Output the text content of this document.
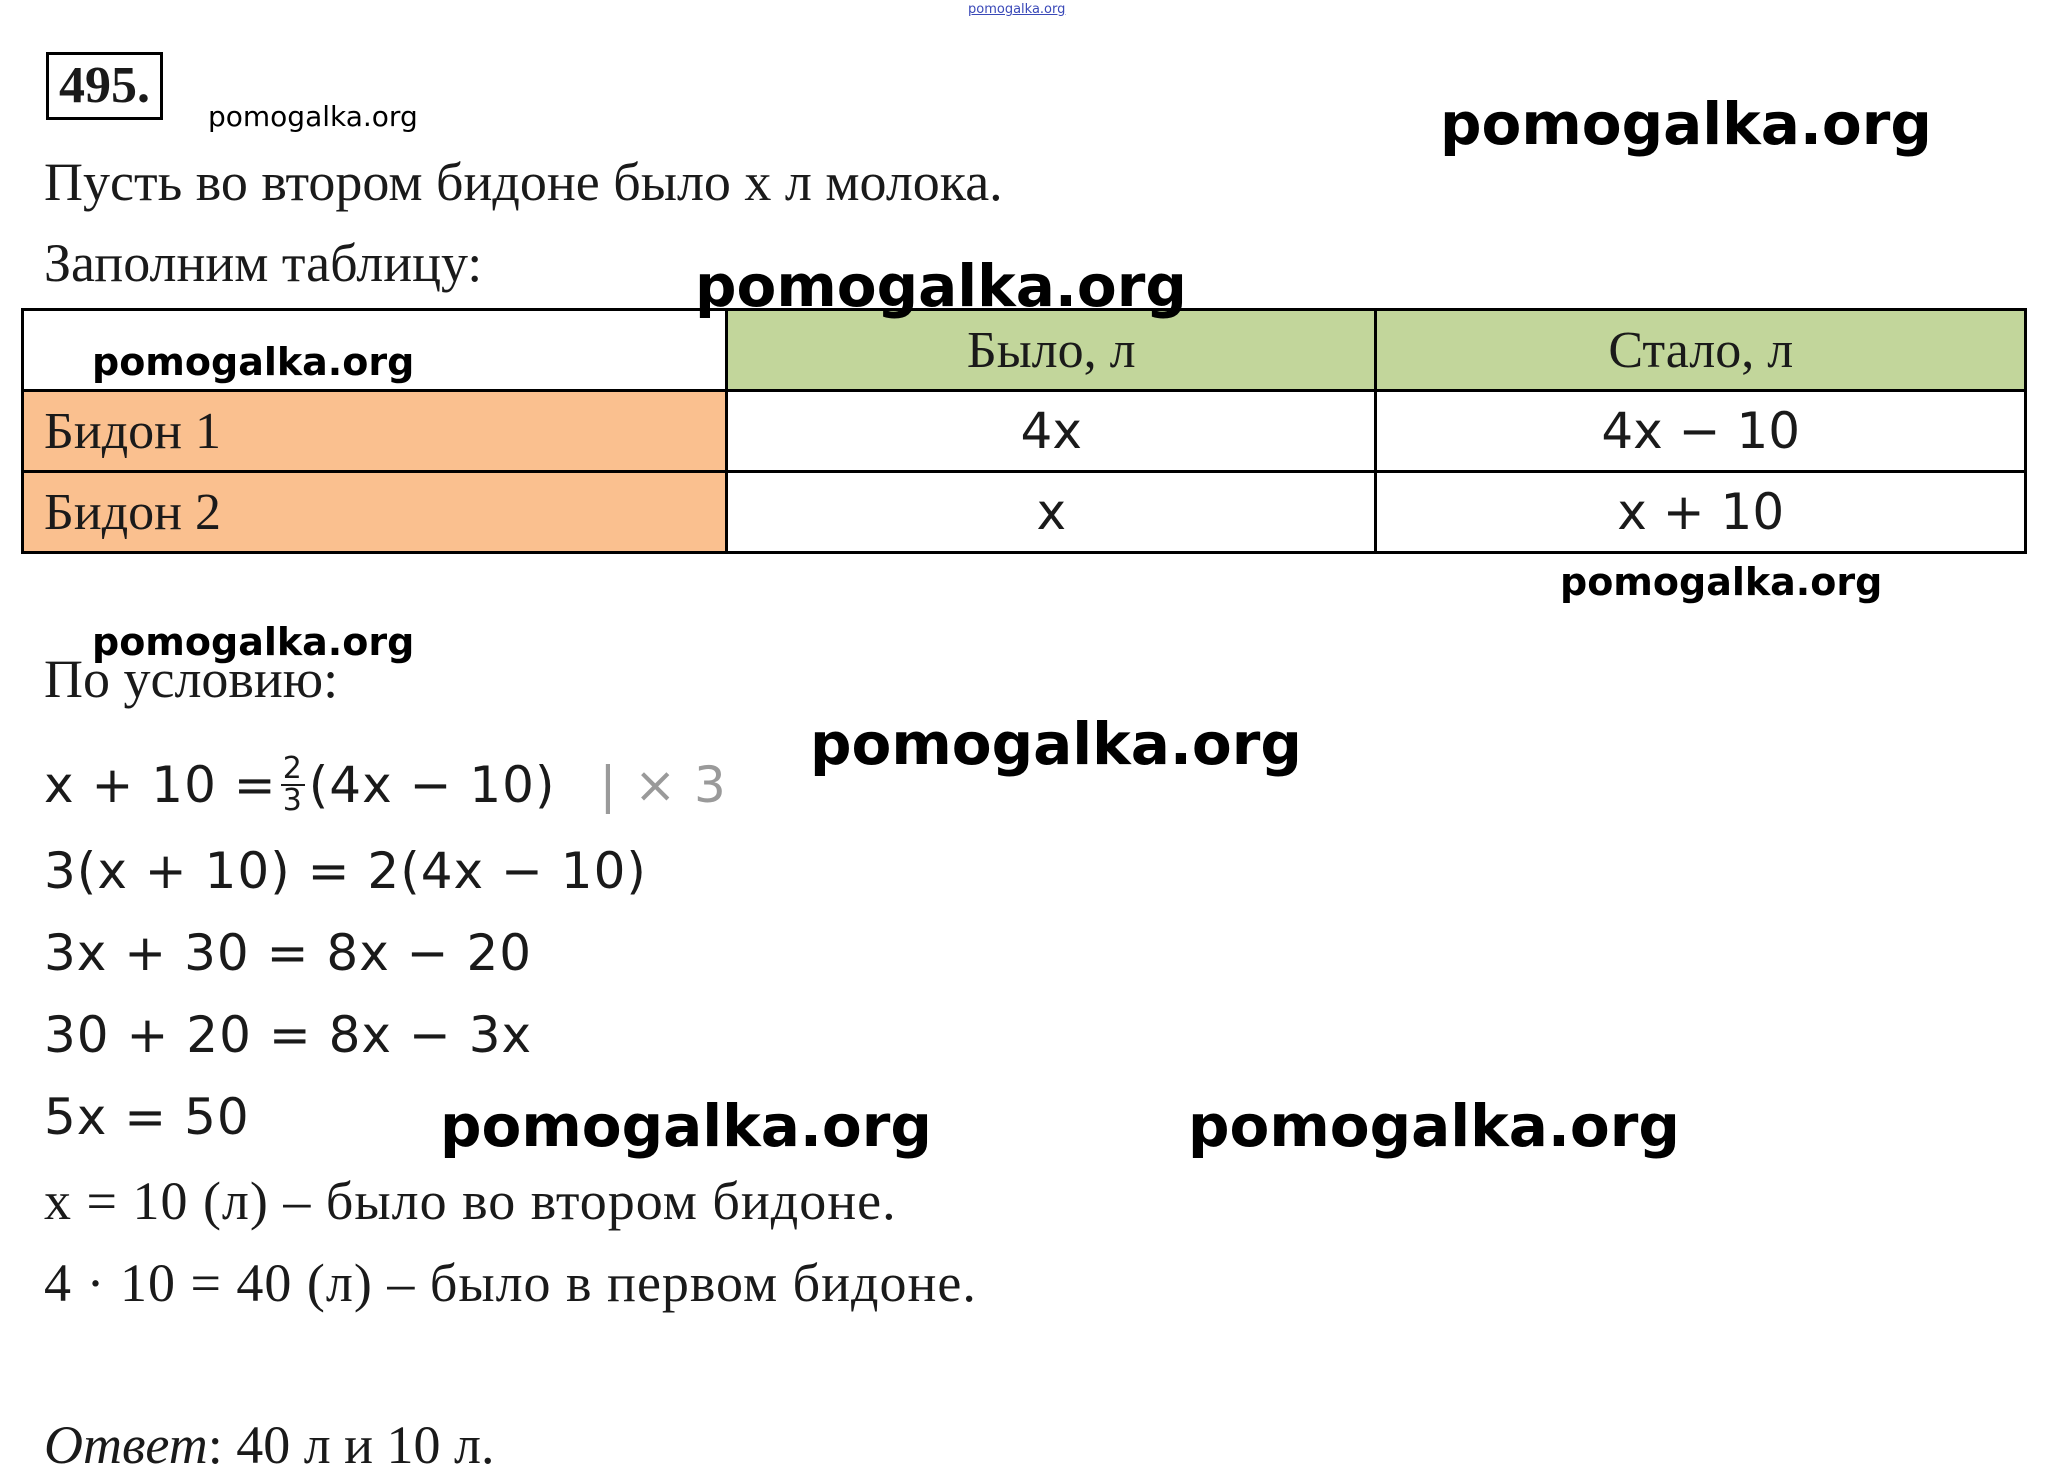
pomogalka.org
pomogalka.org	pomogalka.org
495.
Пусть во втором бидоне было x л молока.
Заполним таблицу:
	Было, л	Стало, л
Бидон 1	4x	4x − 10
Бидон 2	x	x + 10
pomogalka.org
pomogalka.org
pomogalka.org
По условию:
pomogalka.org
$x + 10 = \frac{2}{3} (4x - 10)$ | × 3
pomogalka.org
3(x + 10) = 2(4x − 10)
3x + 30 = 8x − 20
30 + 20 = 8x − 3x
5x = 50
x = 10 (л) – было во втором бидоне.
4 · 10 = 40 (л) – было в первом бидоне.
pomogalka.org	pomogalka.org
Ответ: 40 л и 10 л.
